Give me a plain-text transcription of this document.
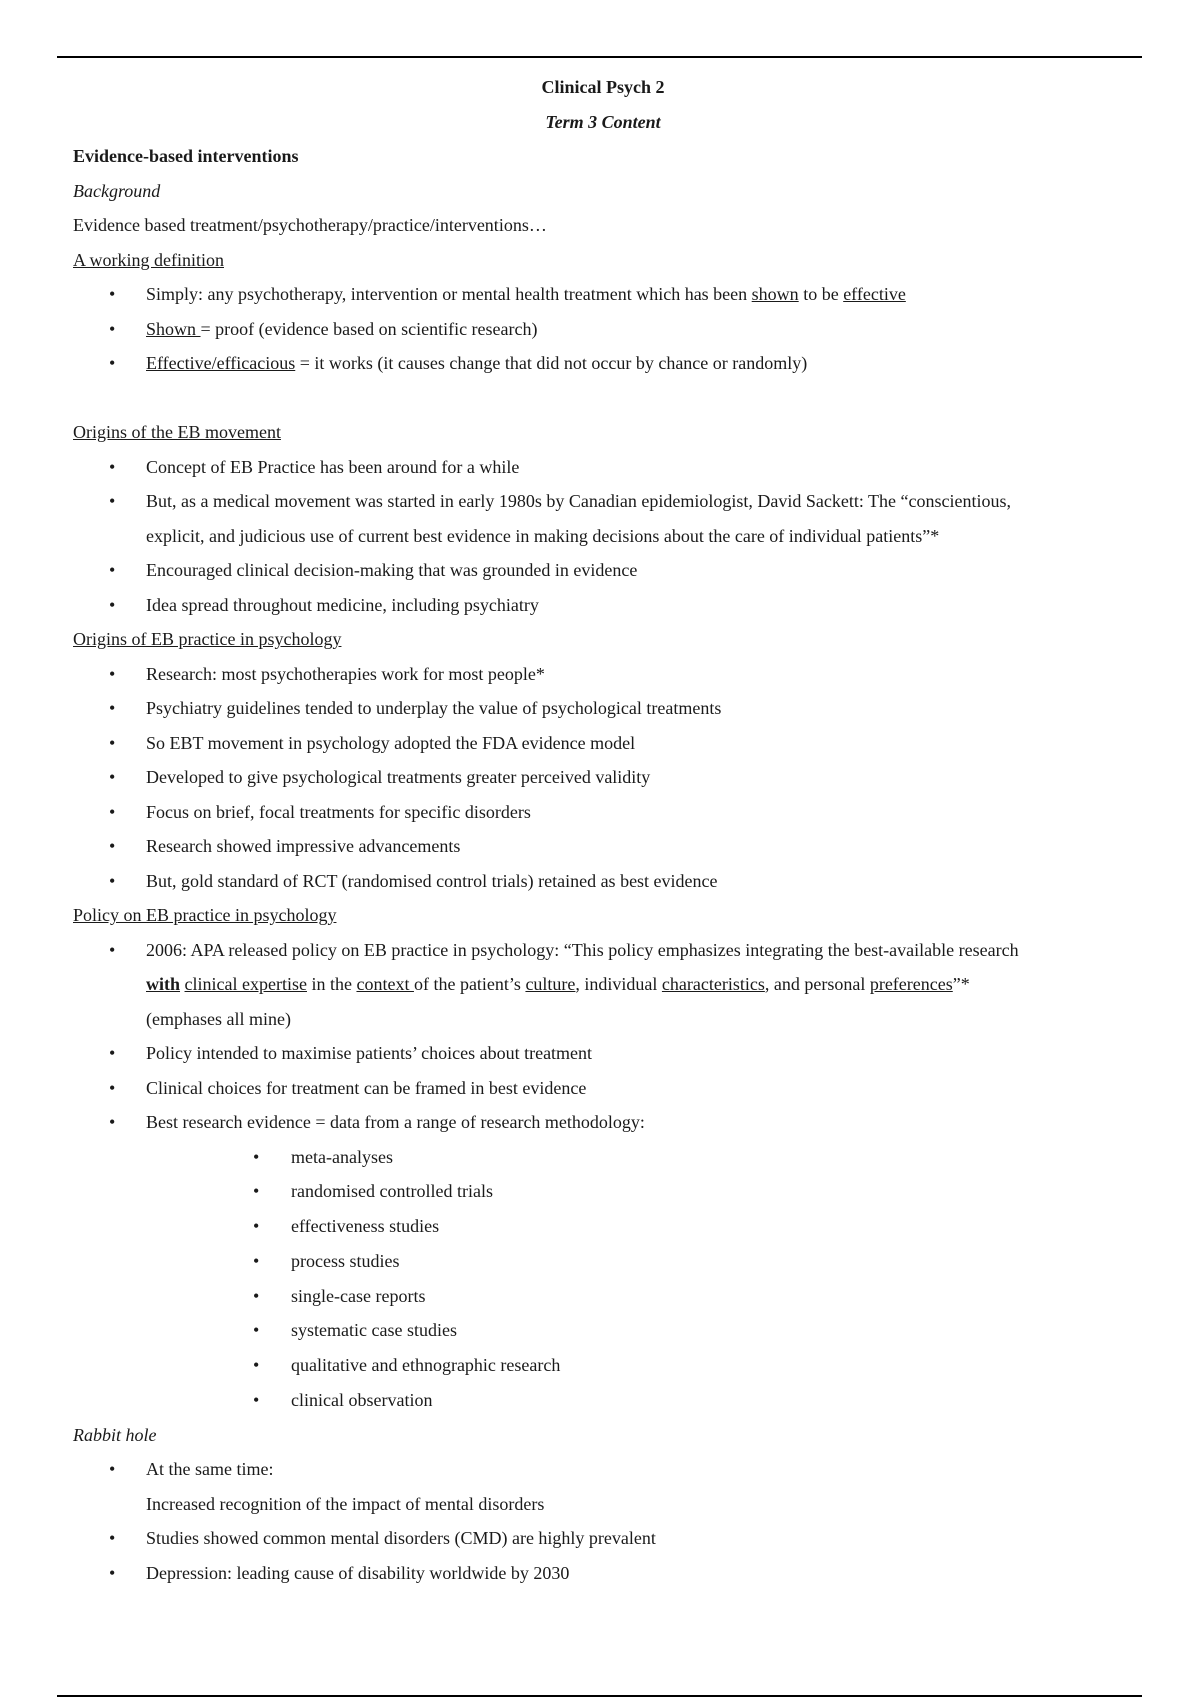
Clinical Psych 2
Term 3 Content
Evidence-based interventions
Background
Evidence based treatment/psychotherapy/practice/interventions…
A working definition
• Simply: any psychotherapy, intervention or mental health treatment which has been shown to be effective
• Shown = proof (evidence based on scientific research)
• Effective/efficacious = it works (it causes change that did not occur by chance or randomly)
Origins of the EB movement
• Concept of EB Practice has been around for a while
• But, as a medical movement was started in early 1980s by Canadian epidemiologist, David Sackett: The “conscientious,
explicit, and judicious use of current best evidence in making decisions about the care of individual patients”*
• Encouraged clinical decision-making that was grounded in evidence
• Idea spread throughout medicine, including psychiatry
Origins of EB practice in psychology
• Research: most psychotherapies work for most people*
• Psychiatry guidelines tended to underplay the value of psychological treatments
• So EBT movement in psychology adopted the FDA evidence model
• Developed to give psychological treatments greater perceived validity
• Focus on brief, focal treatments for specific disorders
• Research showed impressive advancements
• But, gold standard of RCT (randomised control trials) retained as best evidence
Policy on EB practice in psychology
• 2006: APA released policy on EB practice in psychology: “This policy emphasizes integrating the best-available research
with clinical expertise in the context of the patient’s culture, individual characteristics, and personal preferences”*
(emphases all mine)
• Policy intended to maximise patients’ choices about treatment
• Clinical choices for treatment can be framed in best evidence
• Best research evidence = data from a range of research methodology:
• meta-analyses
• randomised controlled trials
• effectiveness studies
• process studies
• single-case reports
• systematic case studies
• qualitative and ethnographic research
• clinical observation
Rabbit hole
• At the same time:
Increased recognition of the impact of mental disorders
• Studies showed common mental disorders (CMD) are highly prevalent
• Depression: leading cause of disability worldwide by 2030
